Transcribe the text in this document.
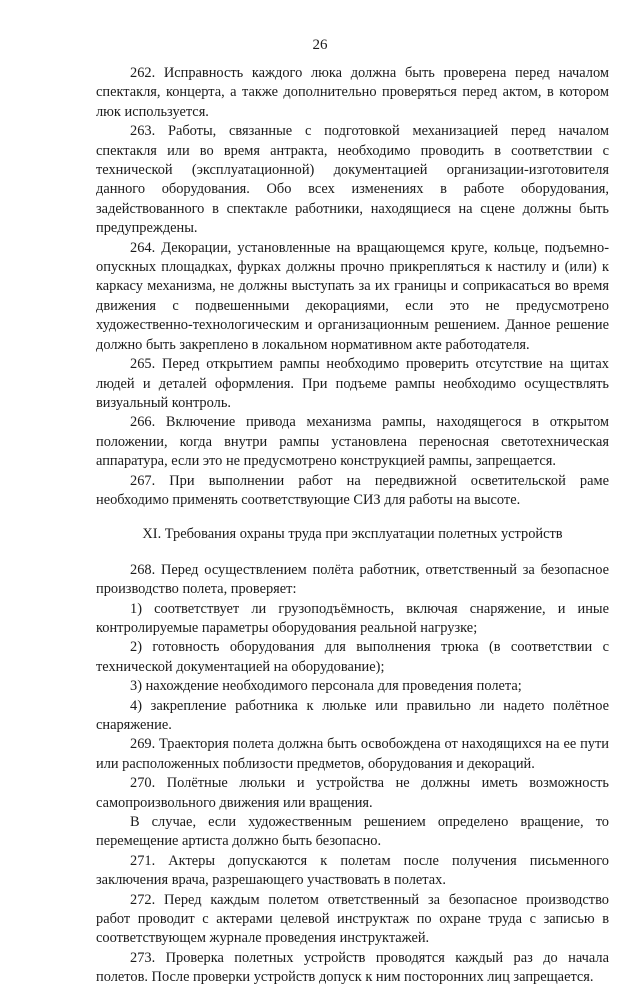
26

262. Исправность каждого люка должна быть проверена перед началом спектакля, концерта, а также дополнительно проверяться перед актом, в котором люк используется.

263. Работы, связанные с подготовкой механизацией перед началом спектакля или во время антракта, необходимо проводить в соответствии с технической (эксплуатационной) документацией организации-изготовителя данного оборудования. Обо всех изменениях в работе оборудования, задействованного в спектакле работники, находящиеся на сцене должны быть предупреждены.

264. Декорации, установленные на вращающемся круге, кольце, подъемно-опускных площадках, фурках должны прочно прикрепляться к настилу и (или) к каркасу механизма, не должны выступать за их границы и соприкасаться во время движения с подвешенными декорациями, если это не предусмотрено художественно-технологическим и организационным решением. Данное решение должно быть закреплено в локальном нормативном акте работодателя.

265. Перед открытием рампы необходимо проверить отсутствие на щитах людей и деталей оформления. При подъеме рампы необходимо осуществлять визуальный контроль.

266. Включение привода механизма рампы, находящегося в открытом положении, когда внутри рампы установлена переносная светотехническая аппаратура, если это не предусмотрено конструкцией рампы, запрещается.

267. При выполнении работ на передвижной осветительской раме необходимо применять соответствующие СИЗ для работы на высоте.

XI. Требования охраны труда при эксплуатации полетных устройств

268. Перед осуществлением полёта работник, ответственный за безопасное производство полета, проверяет:

1) соответствует ли грузоподъёмность, включая снаряжение, и иные контролируемые параметры оборудования реальной нагрузке;

2) готовность оборудования для выполнения трюка (в соответствии с технической документацией на оборудование);

3) нахождение необходимого персонала для проведения полета;

4) закрепление работника к люльке или правильно ли надето полётное снаряжение.

269. Траектория полета должна быть освобождена от находящихся на ее пути или расположенных поблизости предметов, оборудования и декораций.

270. Полётные люльки и устройства не должны иметь возможность самопроизвольного движения или вращения.

В случае, если художественным решением определено вращение, то перемещение артиста должно быть безопасно.

271. Актеры допускаются к полетам после получения письменного заключения врача, разрешающего участвовать в полетах.

272. Перед каждым полетом ответственный за безопасное производство работ проводит с актерами целевой инструктаж по охране труда с записью в соответствующем журнале проведения инструктажей.

273. Проверка полетных устройств проводятся каждый раз до начала полетов. После проверки устройств допуск к ним посторонних лиц запрещается.
